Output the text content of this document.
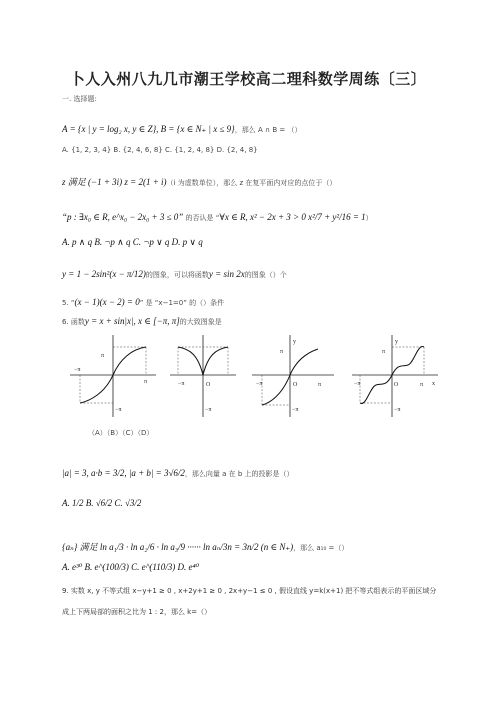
卜人入州八九几市潮王学校高二理科数学周练〔三〕
一. 选择题:
A = {x | y = log₂ x, y ∈ Z}, B = {x ∈ N₊ | x ≤ 9}，那么 A ∩ B = （）
A. {1, 2, 3, 4} B. {2, 4, 6, 8} C. {1, 2, 4, 8} D. {2, 4, 8}
z 满足 (−1 + 3i) z = 2(1 + i)（i 为虚数单位），那么 z 在复平面内对应的点位于（）
“p : ∃x₀ ∈ R, e^x₀ − 2x₀ + 3 ≤ 0” 的否认是 “∀x ∈ R, x² − 2x + 3 > 0 x²/7 + y²/16 = 1）
A. p ∧ q B. ¬p ∧ q C. ¬p ∨ q D. p ∨ q
y = 1 − 2sin²(x − π/12)的图象，可以将函数y = sin 2x的图象（）个
5. “(x − 1)(x − 2) = 0” 是 “x−1=0” 的（）条件
6. 函数y = x + sin|x|, x ∈ [−π, π]的大致图象是
π
−π
π
−π
−π	O
−π
y
π
−π	O	π
−π
y
π
−π	O	π x
−π
（A）（B）（C）（D）
|a| = 3, a·b = 3/2, |a + b| = 3√6/2，那么向量 a 在 b 上的投影是（）
A. 1/2 B. √6/2 C. √3/2
{aₙ} 满足 ln a₁/3 · ln a₂/6 · ln a₃/9 ······ ln aₙ/3n = 3n/2 (n ∈ N₊)，那么 a₁₀ =（）
A. e³⁰ B. e^(100/3) C. e^(110/3) D. e⁴⁰
9. 实数 x, y 不等式组 x−y+1 ≥ 0 , x+2y+1 ≥ 0 , 2x+y−1 ≤ 0 , 假设直线 y=k(x+1) 把不等式组表示的平面区域分
成上下两局部的面积之比为 1 : 2，那么 k=（）
